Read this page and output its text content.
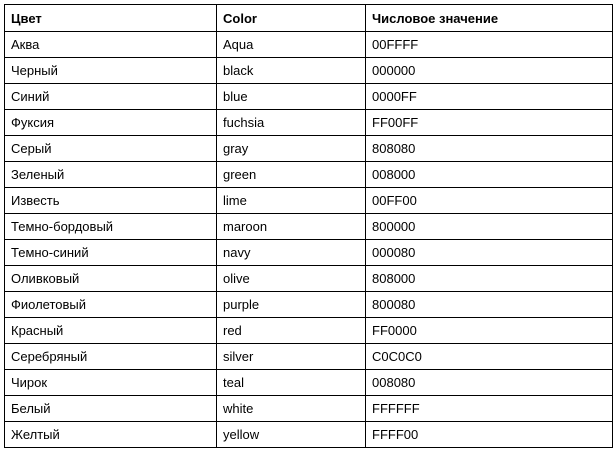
Цвет	Color	Числовое значение
Аква	Aqua	00FFFF
Черный	black	000000
Синий	blue	0000FF
Фуксия	fuchsia	FF00FF
Серый	gray	808080
Зеленый	green	008000
Известь	lime	00FF00
Темно-бордовый	maroon	800000
Темно-синий	navy	000080
Оливковый	olive	808000
Фиолетовый	purple	800080
Красный	red	FF0000
Серебряный	silver	C0C0C0
Чирок	teal	008080
Белый	white	FFFFFF
Желтый	yellow	FFFF00
